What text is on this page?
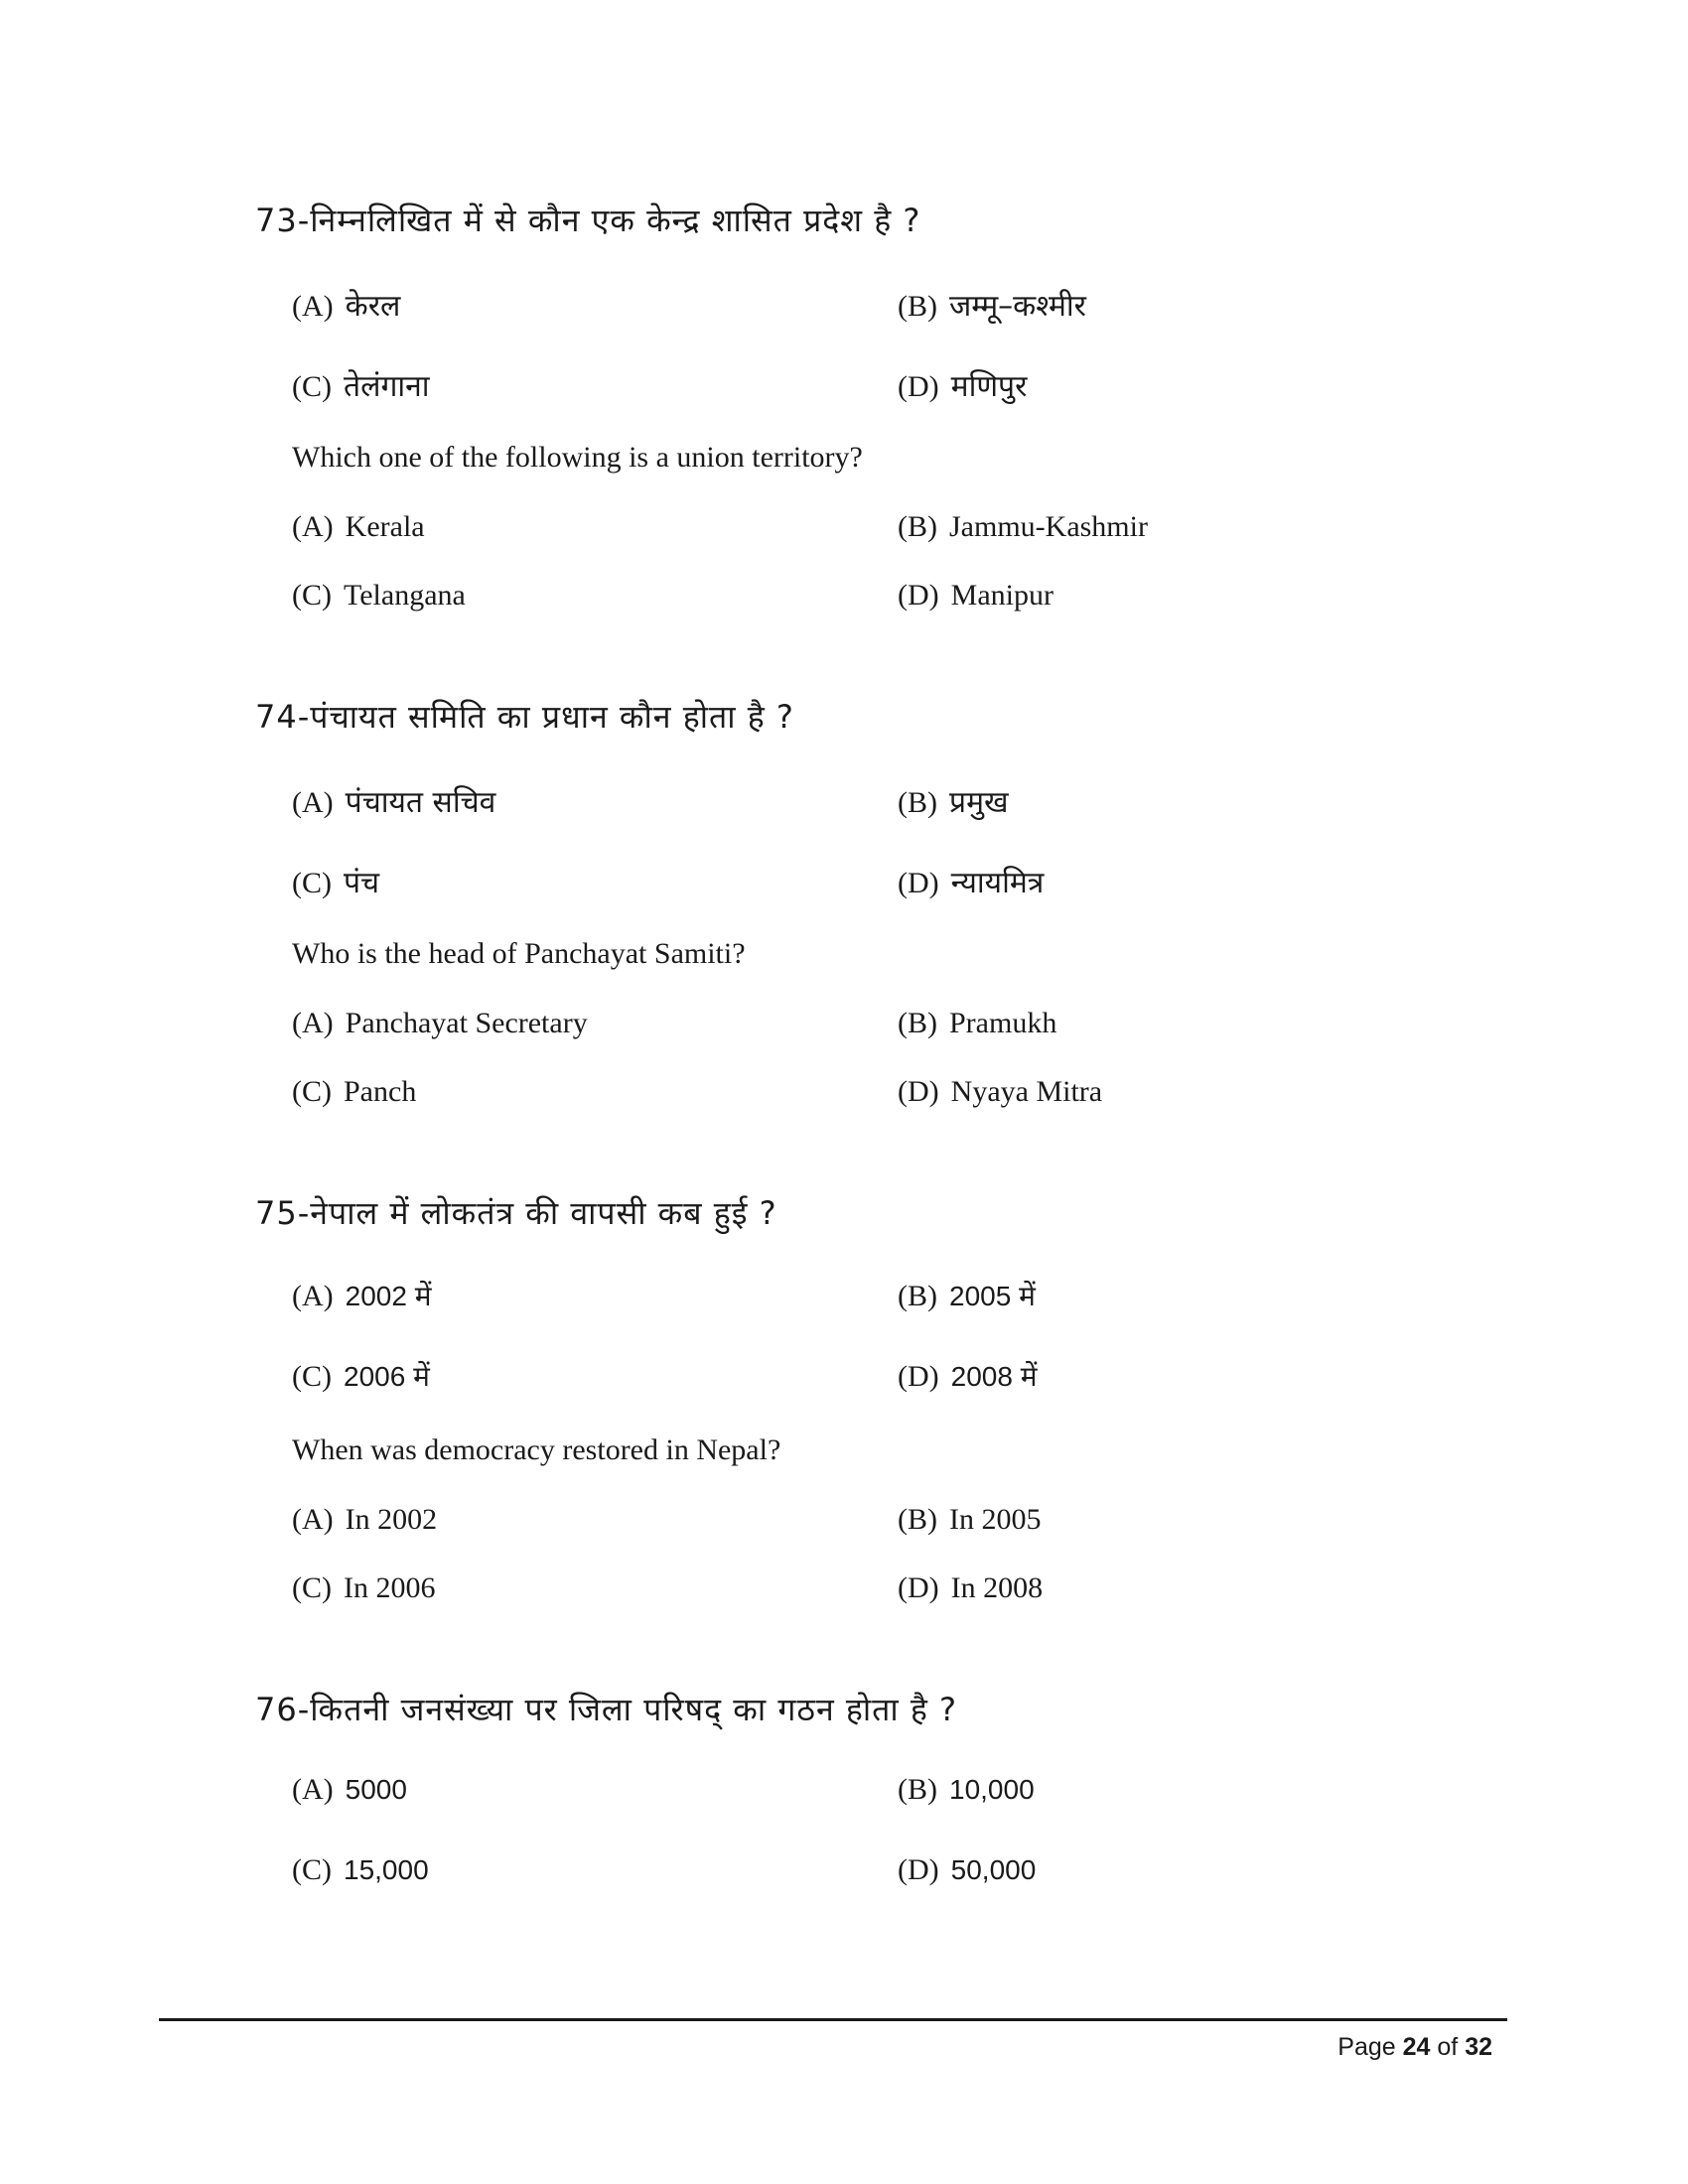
73-निम्नलिखित में से कौन एक केन्द्र शासित प्रदेश है ?
(A) केरल	(B) जम्मू–कश्मीर
(C) तेलंगाना	(D) मणिपुर
Which one of the following is a union territory?
(A) Kerala	(B) Jammu-Kashmir
(C) Telangana	(D) Manipur
74-पंचायत समिति का प्रधान कौन होता है ?
(A) पंचायत सचिव	(B) प्रमुख
(C) पंच	(D) न्यायमित्र
Who is the head of Panchayat Samiti?
(A) Panchayat Secretary	(B) Pramukh
(C) Panch	(D) Nyaya Mitra
75-नेपाल में लोकतंत्र की वापसी कब हुई ?
(A) 2002 में	(B) 2005 में
(C) 2006 में	(D) 2008 में
When was democracy restored in Nepal?
(A) In 2002	(B) In 2005
(C) In 2006	(D) In 2008
76-कितनी जनसंख्या पर जिला परिषद् का गठन होता है ?
(A) 5000	(B) 10,000
(C) 15,000	(D) 50,000
Page 24 of 32
